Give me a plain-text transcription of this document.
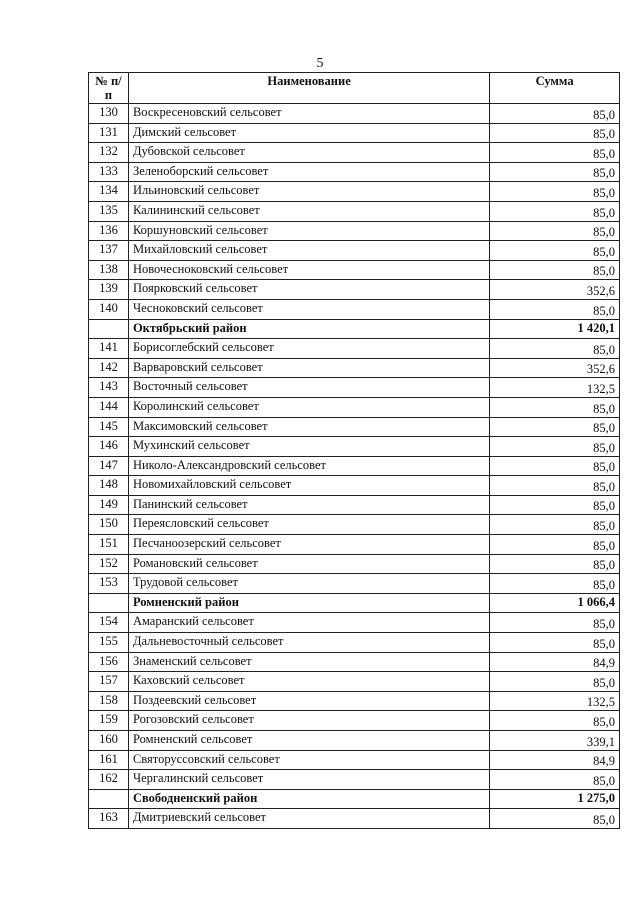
5
№ п/п	Наименование	Сумма
130	Воскресеновский сельсовет	85,0
131	Димский сельсовет	85,0
132	Дубовской сельсовет	85,0
133	Зеленоборский сельсовет	85,0
134	Ильиновский сельсовет	85,0
135	Калининский сельсовет	85,0
136	Коршуновский сельсовет	85,0
137	Михайловский сельсовет	85,0
138	Новочесноковский сельсовет	85,0
139	Поярковский сельсовет	352,6
140	Чесноковский сельсовет	85,0
	Октябрьский район	1 420,1
141	Борисоглебский сельсовет	85,0
142	Варваровский сельсовет	352,6
143	Восточный сельсовет	132,5
144	Королинский сельсовет	85,0
145	Максимовский сельсовет	85,0
146	Мухинский сельсовет	85,0
147	Николо-Александровский сельсовет	85,0
148	Новомихайловский сельсовет	85,0
149	Панинский сельсовет	85,0
150	Переясловский сельсовет	85,0
151	Песчаноозерский сельсовет	85,0
152	Романовский сельсовет	85,0
153	Трудовой сельсовет	85,0
	Ромненский район	1 066,4
154	Амаранский сельсовет	85,0
155	Дальневосточный сельсовет	85,0
156	Знаменский сельсовет	84,9
157	Каховский сельсовет	85,0
158	Поздеевский сельсовет	132,5
159	Рогозовский сельсовет	85,0
160	Ромненский сельсовет	339,1
161	Святоруссовский сельсовет	84,9
162	Чергалинский сельсовет	85,0
	Свободненский район	1 275,0
163	Дмитриевский сельсовет	85,0
